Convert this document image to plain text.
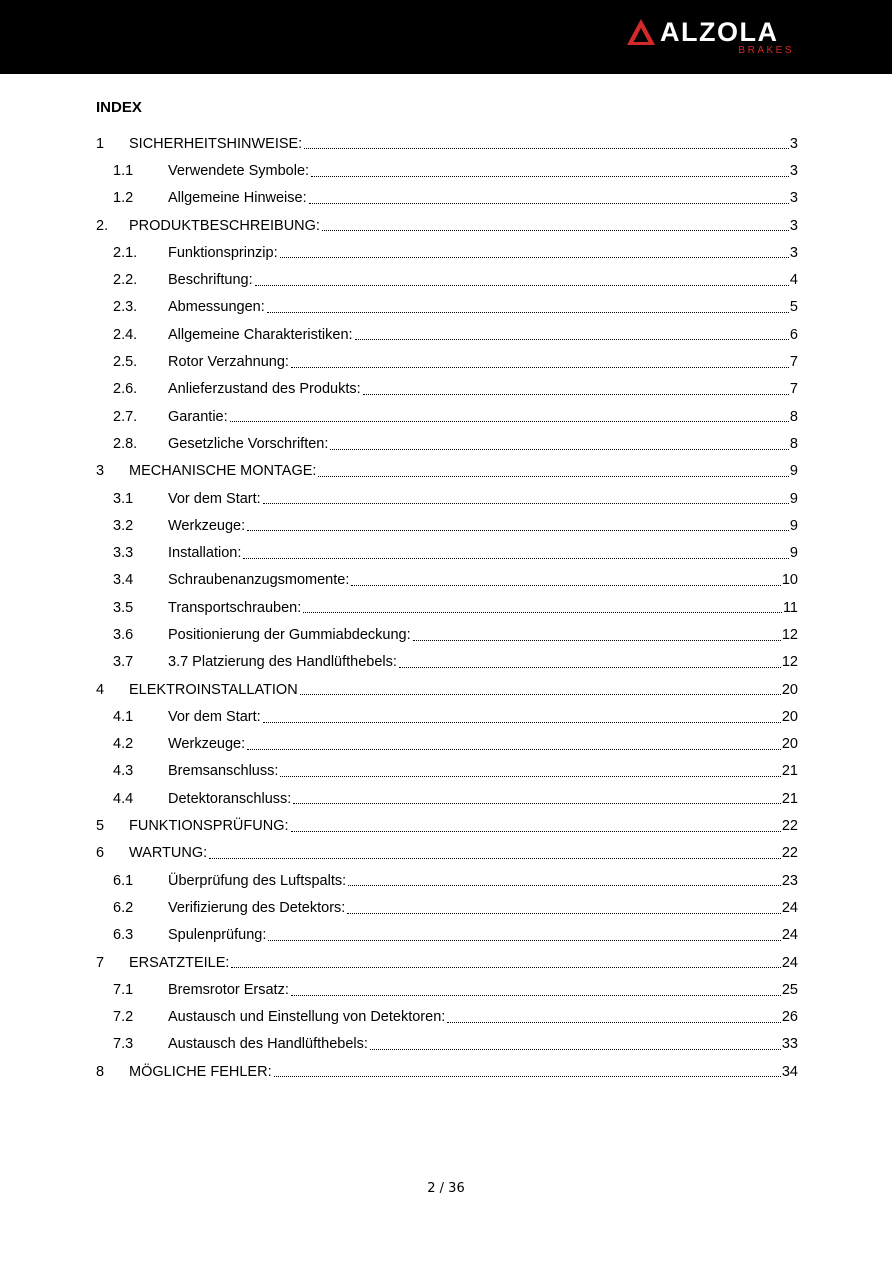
ALZOLA
BRAKES
INDEX
1	SICHERHEITSHINWEISE:	3
1.1	Verwendete Symbole:	3
1.2	Allgemeine Hinweise:	3
2.	PRODUKTBESCHREIBUNG:	3
2.1.	Funktionsprinzip:	3
2.2.	Beschriftung:	4
2.3.	Abmessungen:	5
2.4.	Allgemeine Charakteristiken:	6
2.5.	Rotor Verzahnung:	7
2.6.	Anlieferzustand des Produkts:	7
2.7.	Garantie:	8
2.8.	Gesetzliche Vorschriften:	8
3	MECHANISCHE MONTAGE:	9
3.1	Vor dem Start:	9
3.2	Werkzeuge:	9
3.3	Installation:	9
3.4	Schraubenanzugsmomente:	10
3.5	Transportschrauben:	11
3.6	Positionierung der Gummiabdeckung:	12
3.7	3.7 Platzierung des Handlüfthebels:	12
4	ELEKTROINSTALLATION	20
4.1	Vor dem Start:	20
4.2	Werkzeuge:	20
4.3	Bremsanschluss:	21
4.4	Detektoranschluss:	21
5	FUNKTIONSPRÜFUNG:	22
6	WARTUNG:	22
6.1	Überprüfung des Luftspalts:	23
6.2	Verifizierung des Detektors:	24
6.3	Spulenprüfung:	24
7	ERSATZTEILE:	24
7.1	Bremsrotor Ersatz:	25
7.2	Austausch und Einstellung von Detektoren:	26
7.3	Austausch des Handlüfthebels:	33
8	MÖGLICHE FEHLER:	34
2 / 36
